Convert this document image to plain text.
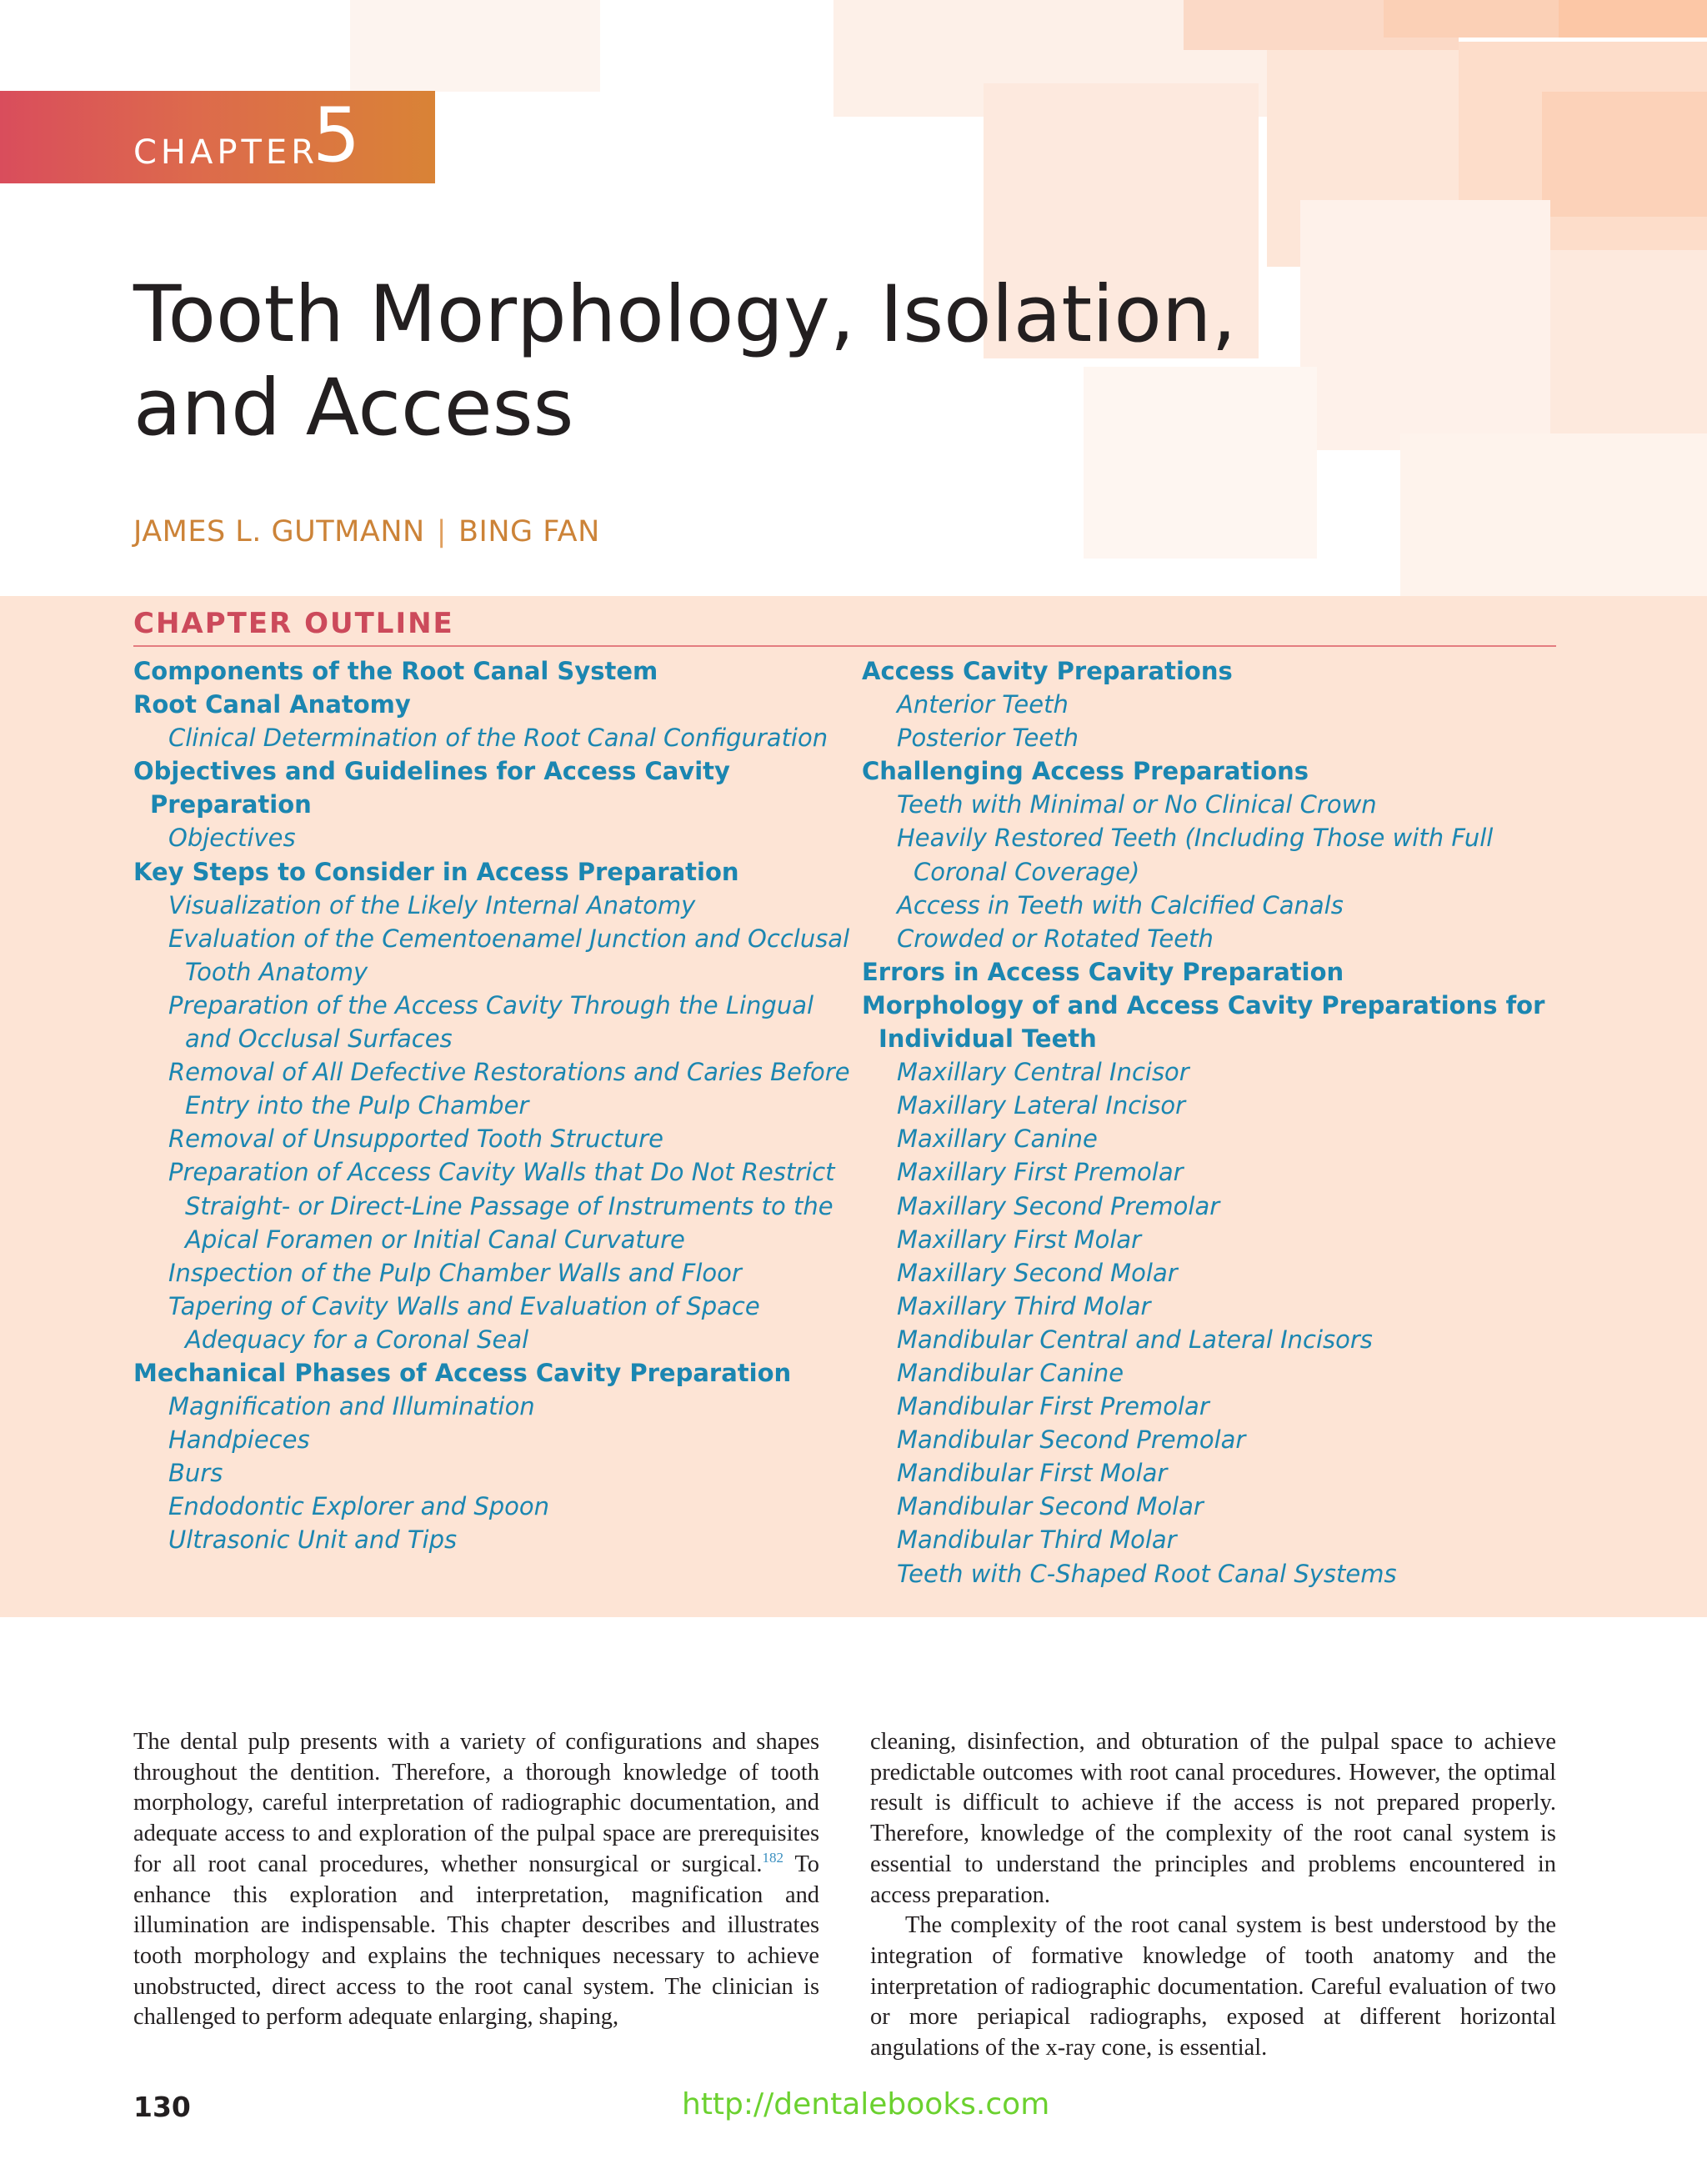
CHAPTER
5
Tooth Morphology, Isolation,
and Access
JAMES L. GUTMANN | BING FAN
CHAPTER OUTLINE
Components of the Root Canal System
Root Canal Anatomy
Clinical Determination of the Root Canal Configuration
Objectives and Guidelines for Access Cavity Preparation
Objectives
Key Steps to Consider in Access Preparation
Visualization of the Likely Internal Anatomy
Evaluation of the Cementoenamel Junction and Occlusal Tooth Anatomy
Preparation of the Access Cavity Through the Lingual and Occlusal Surfaces
Removal of All Defective Restorations and Caries Before Entry into the Pulp Chamber
Removal of Unsupported Tooth Structure
Preparation of Access Cavity Walls that Do Not Restrict Straight- or Direct-Line Passage of Instruments to the Apical Foramen or Initial Canal Curvature
Inspection of the Pulp Chamber Walls and Floor
Tapering of Cavity Walls and Evaluation of Space Adequacy for a Coronal Seal
Mechanical Phases of Access Cavity Preparation
Magnification and Illumination
Handpieces
Burs
Endodontic Explorer and Spoon
Ultrasonic Unit and Tips
Access Cavity Preparations
Anterior Teeth
Posterior Teeth
Challenging Access Preparations
Teeth with Minimal or No Clinical Crown
Heavily Restored Teeth (Including Those with Full Coronal Coverage)
Access in Teeth with Calcified Canals
Crowded or Rotated Teeth
Errors in Access Cavity Preparation
Morphology of and Access Cavity Preparations for Individual Teeth
Maxillary Central Incisor
Maxillary Lateral Incisor
Maxillary Canine
Maxillary First Premolar
Maxillary Second Premolar
Maxillary First Molar
Maxillary Second Molar
Maxillary Third Molar
Mandibular Central and Lateral Incisors
Mandibular Canine
Mandibular First Premolar
Mandibular Second Premolar
Mandibular First Molar
Mandibular Second Molar
Mandibular Third Molar
Teeth with C-Shaped Root Canal Systems

The dental pulp presents with a variety of configurations and shapes throughout the dentition. Therefore, a thorough knowledge of tooth morphology, careful interpretation of radiographic documentation, and adequate access to and exploration of the pulpal space are prerequisites for all root canal procedures, whether nonsurgical or surgical.$^{182}$ To enhance this exploration and interpretation, magnification and illumination are indispensable. This chapter describes and illustrates tooth morphology and explains the techniques necessary to achieve unobstructed, direct access to the root canal system. The clinician is challenged to perform adequate enlarging, shaping,

cleaning, disinfection, and obturation of the pulpal space to achieve predictable outcomes with root canal procedures. However, the optimal result is difficult to achieve if the access is not prepared properly. Therefore, knowledge of the complexity of the root canal system is essential to understand the principles and problems encountered in access preparation.

The complexity of the root canal system is best understood by the integration of formative knowledge of tooth anatomy and the interpretation of radiographic documentation. Careful evaluation of two or more periapical radiographs, exposed at different horizontal angulations of the x-ray cone, is essential.

130	http://dentalebooks.com
